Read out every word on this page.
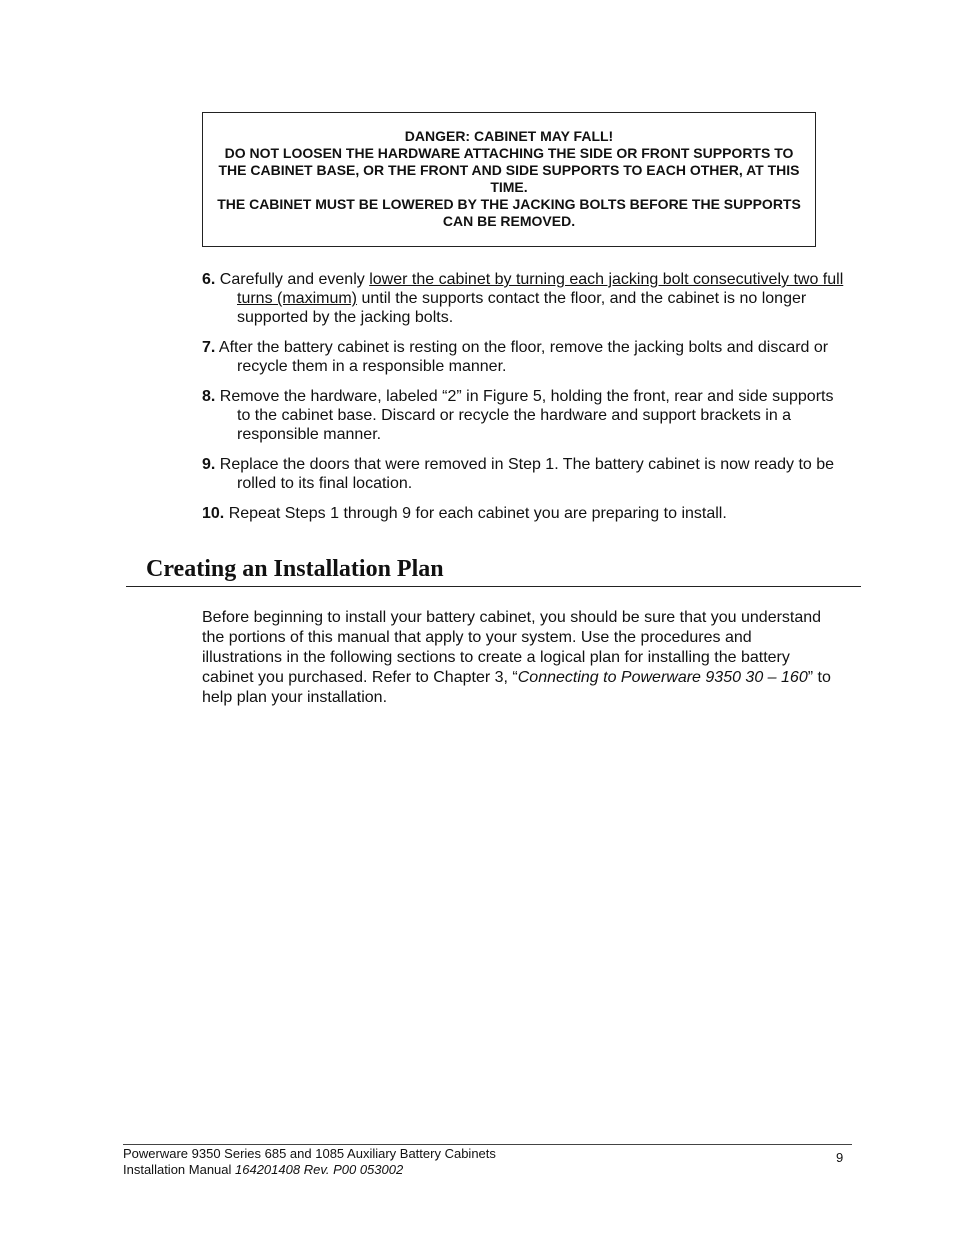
DANGER: CABINET MAY FALL!
DO NOT LOOSEN THE HARDWARE ATTACHING THE SIDE OR FRONT SUPPORTS TO THE CABINET BASE, OR THE FRONT AND SIDE SUPPORTS TO EACH OTHER, AT THIS TIME.
THE CABINET MUST BE LOWERED BY THE JACKING BOLTS BEFORE THE SUPPORTS CAN BE REMOVED.

6. Carefully and evenly lower the cabinet by turning each jacking bolt consecutively two full turns (maximum) until the supports contact the floor, and the cabinet is no longer supported by the jacking bolts.

7. After the battery cabinet is resting on the floor, remove the jacking bolts and discard or recycle them in a responsible manner.

8. Remove the hardware, labeled “2” in Figure 5, holding the front, rear and side supports to the cabinet base. Discard or recycle the hardware and support brackets in a responsible manner.

9. Replace the doors that were removed in Step 1. The battery cabinet is now ready to be rolled to its final location.

10. Repeat Steps 1 through 9 for each cabinet you are preparing to install.

Creating an Installation Plan

Before beginning to install your battery cabinet, you should be sure that you understand the portions of this manual that apply to your system. Use the procedures and illustrations in the following sections to create a logical plan for installing the battery cabinet you purchased. Refer to Chapter 3, “Connecting to Powerware 9350 30 – 160” to help plan your installation.

Powerware 9350 Series 685 and 1085 Auxiliary Battery Cabinets
Installation Manual 164201408 Rev. P00 053002
9
